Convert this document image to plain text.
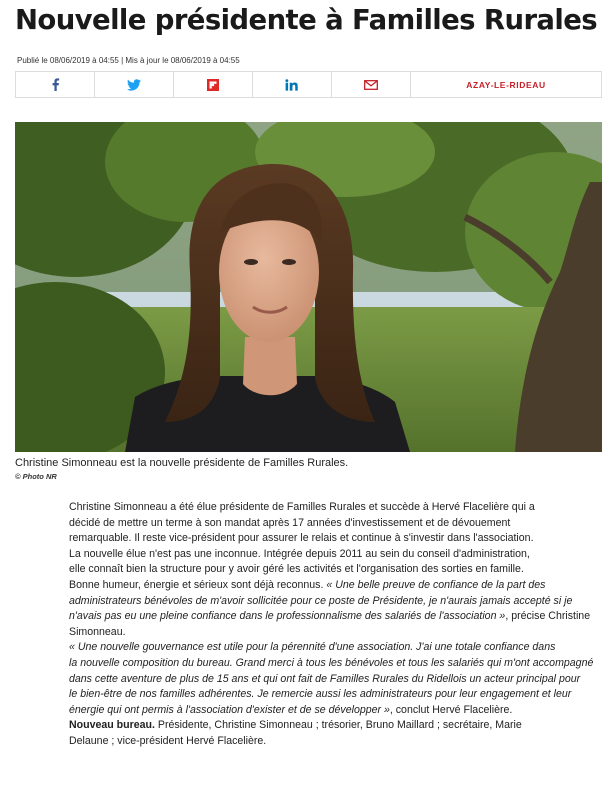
Nouvelle présidente à Familles Rurales
Publié le 08/06/2019 à 04:55 | Mis à jour le 08/06/2019 à 04:55
AZAY-LE-RIDEAU
Christine Simonneau est la nouvelle présidente de Familles Rurales.
© Photo NR
Christine Simonneau a été élue présidente de Familles Rurales et succède à Hervé Flacelière qui a
décidé de mettre un terme à son mandat après 17 années d'investissement et de dévouement
remarquable. Il reste vice-président pour assurer le relais et continue à s'investir dans l'association.
La nouvelle élue n'est pas une inconnue. Intégrée depuis 2011 au sein du conseil d'administration,
elle connaît bien la structure pour y avoir géré les activités et l'organisation des sorties en famille.
Bonne humeur, énergie et sérieux sont déjà reconnus. « Une belle preuve de confiance de la part des
administrateurs bénévoles de m'avoir sollicitée pour ce poste de Présidente, je n'aurais jamais accepté si je
n'avais pas eu une pleine confiance dans le professionnalisme des salariés de l'association », précise Christine
Simonneau.
« Une nouvelle gouvernance est utile pour la pérennité d'une association. J'ai une totale confiance dans
la nouvelle composition du bureau. Grand merci à tous les bénévoles et tous les salariés qui m'ont accompagné
dans cette aventure de plus de 15 ans et qui ont fait de Familles Rurales du Ridellois un acteur principal pour
le bien-être de nos familles adhérentes. Je remercie aussi les administrateurs pour leur engagement et leur
énergie qui ont permis à l'association d'exister et de se développer », conclut Hervé Flacelière.
Nouveau bureau. Présidente, Christine Simonneau ; trésorier, Bruno Maillard ; secrétaire, Marie
Delaune ; vice-président Hervé Flacelière.
